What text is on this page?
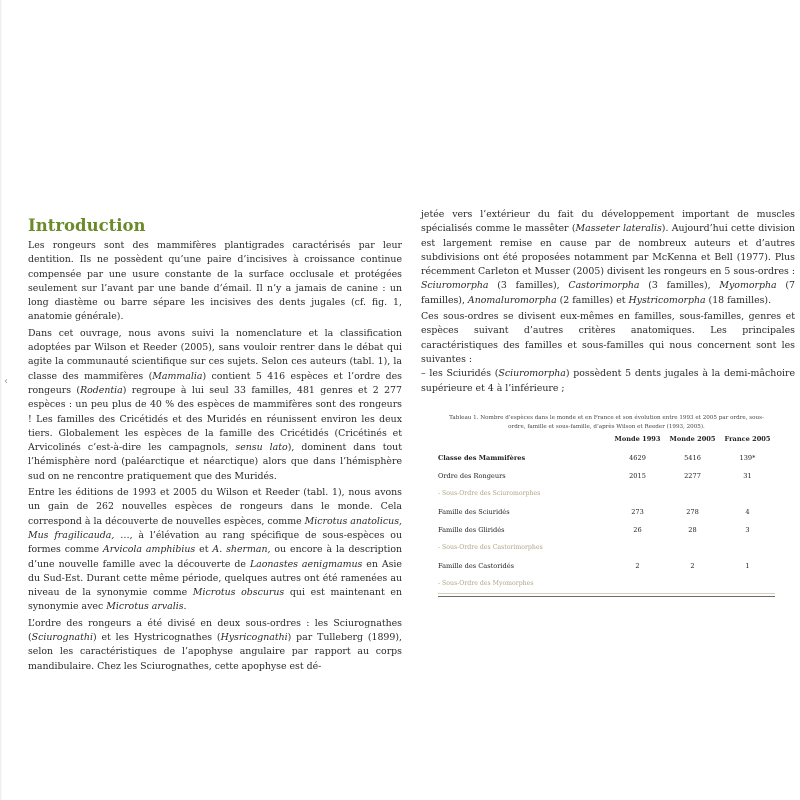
‹
Introduction

Les rongeurs sont des mammifères plantigrades caractérisés par leur dentition. Ils ne possèdent qu’une paire d’incisives à croissance continue compensée par une usure constante de la surface occlusale et protégées seulement sur l’avant par une bande d’émail. Il n’y a jamais de canine : un long diastème ou barre sépare les incisives des dents jugales (cf. fig. 1, anatomie générale).

Dans cet ouvrage, nous avons suivi la nomenclature et la classification adoptées par Wilson et Reeder (2005), sans vouloir rentrer dans le débat qui agite la communauté scientifique sur ces sujets. Selon ces auteurs (tabl. 1), la classe des mammifères (Mammalia) contient 5 416 espèces et l’ordre des rongeurs (Rodentia) regroupe à lui seul 33 familles, 481 genres et 2 277 espèces : un peu plus de 40 % des espèces de mammifères sont des rongeurs ! Les familles des Cricétidés et des Muridés en réunissent environ les deux tiers. Globalement les espèces de la famille des Cricétidés (Cricétinés et Arvicolinés c’est-à-dire les campagnols, sensu lato), dominent dans tout l’hémisphère nord (paléarctique et néarctique) alors que dans l’hémisphère sud on ne rencontre pratiquement que des Muridés.

Entre les éditions de 1993 et 2005 du Wilson et Reeder (tabl. 1), nous avons un gain de 262 nouvelles espèces de rongeurs dans le monde. Cela correspond à la découverte de nouvelles espèces, comme Microtus anatolicus, Mus fragilicauda, …, à l’élévation au rang spécifique de sous-espèces ou formes comme Arvicola amphibius et A. sherman, ou encore à la description d’une nouvelle famille avec la découverte de Laonastes aenigmamus en Asie du Sud-Est. Durant cette même période, quelques autres ont été ramenées au niveau de la synonymie comme Microtus obscurus qui est maintenant en synonymie avec Microtus arvalis.

L’ordre des rongeurs a été divisé en deux sous-ordres : les Sciurognathes (Sciurognathi) et les Hystricognathes (Hysricognathi) par Tulleberg (1899), selon les caractéristiques de l’apophyse angulaire par rapport au corps mandibulaire. Chez les Sciurognathes, cette apophyse est dé-

jetée vers l’extérieur du fait du développement important de muscles spécialisés comme le massêter (Masseter lateralis). Aujourd’hui cette division est largement remise en cause par de nombreux auteurs et d’autres subdivisions ont été proposées notamment par McKenna et Bell (1977). Plus récemment Carleton et Musser (2005) divisent les rongeurs en 5 sous-ordres : Sciuromorpha (3 familles), Castorimorpha (3 familles), Myomorpha (7 familles), Anomaluromorpha (2 familles) et Hystricomorpha (18 familles).

Ces sous-ordres se divisent eux-mêmes en familles, sous-familles, genres et espèces suivant d’autres critères anatomiques. Les principales caractéristiques des familles et sous-familles qui nous concernent sont les suivantes :

– les Sciuridés (Sciuromorpha) possèdent 5 dents jugales à la demi-mâchoire supérieure et 4 à l’inférieure ;

Tableau 1. Nombre d’espèces dans le monde et en France et son évolution entre 1993 et 2005 par ordre, sous-ordre, famille et sous-famille, d’après Wilson et Reeder (1993, 2005).
	Monde 1993	Monde 2005	France 2005
Classe des Mammifères	4629	5416	139*
Ordre des Rongeurs	2015	2277	31
- Sous-Ordre des Sciuromorphes			
Famille des Sciuridés	273	278	4
Famille des Gliridés	26	28	3
- Sous-Ordre des Castorimorphes			
Famille des Castoridés	2	2	1
- Sous-Ordre des Myomorphes			
